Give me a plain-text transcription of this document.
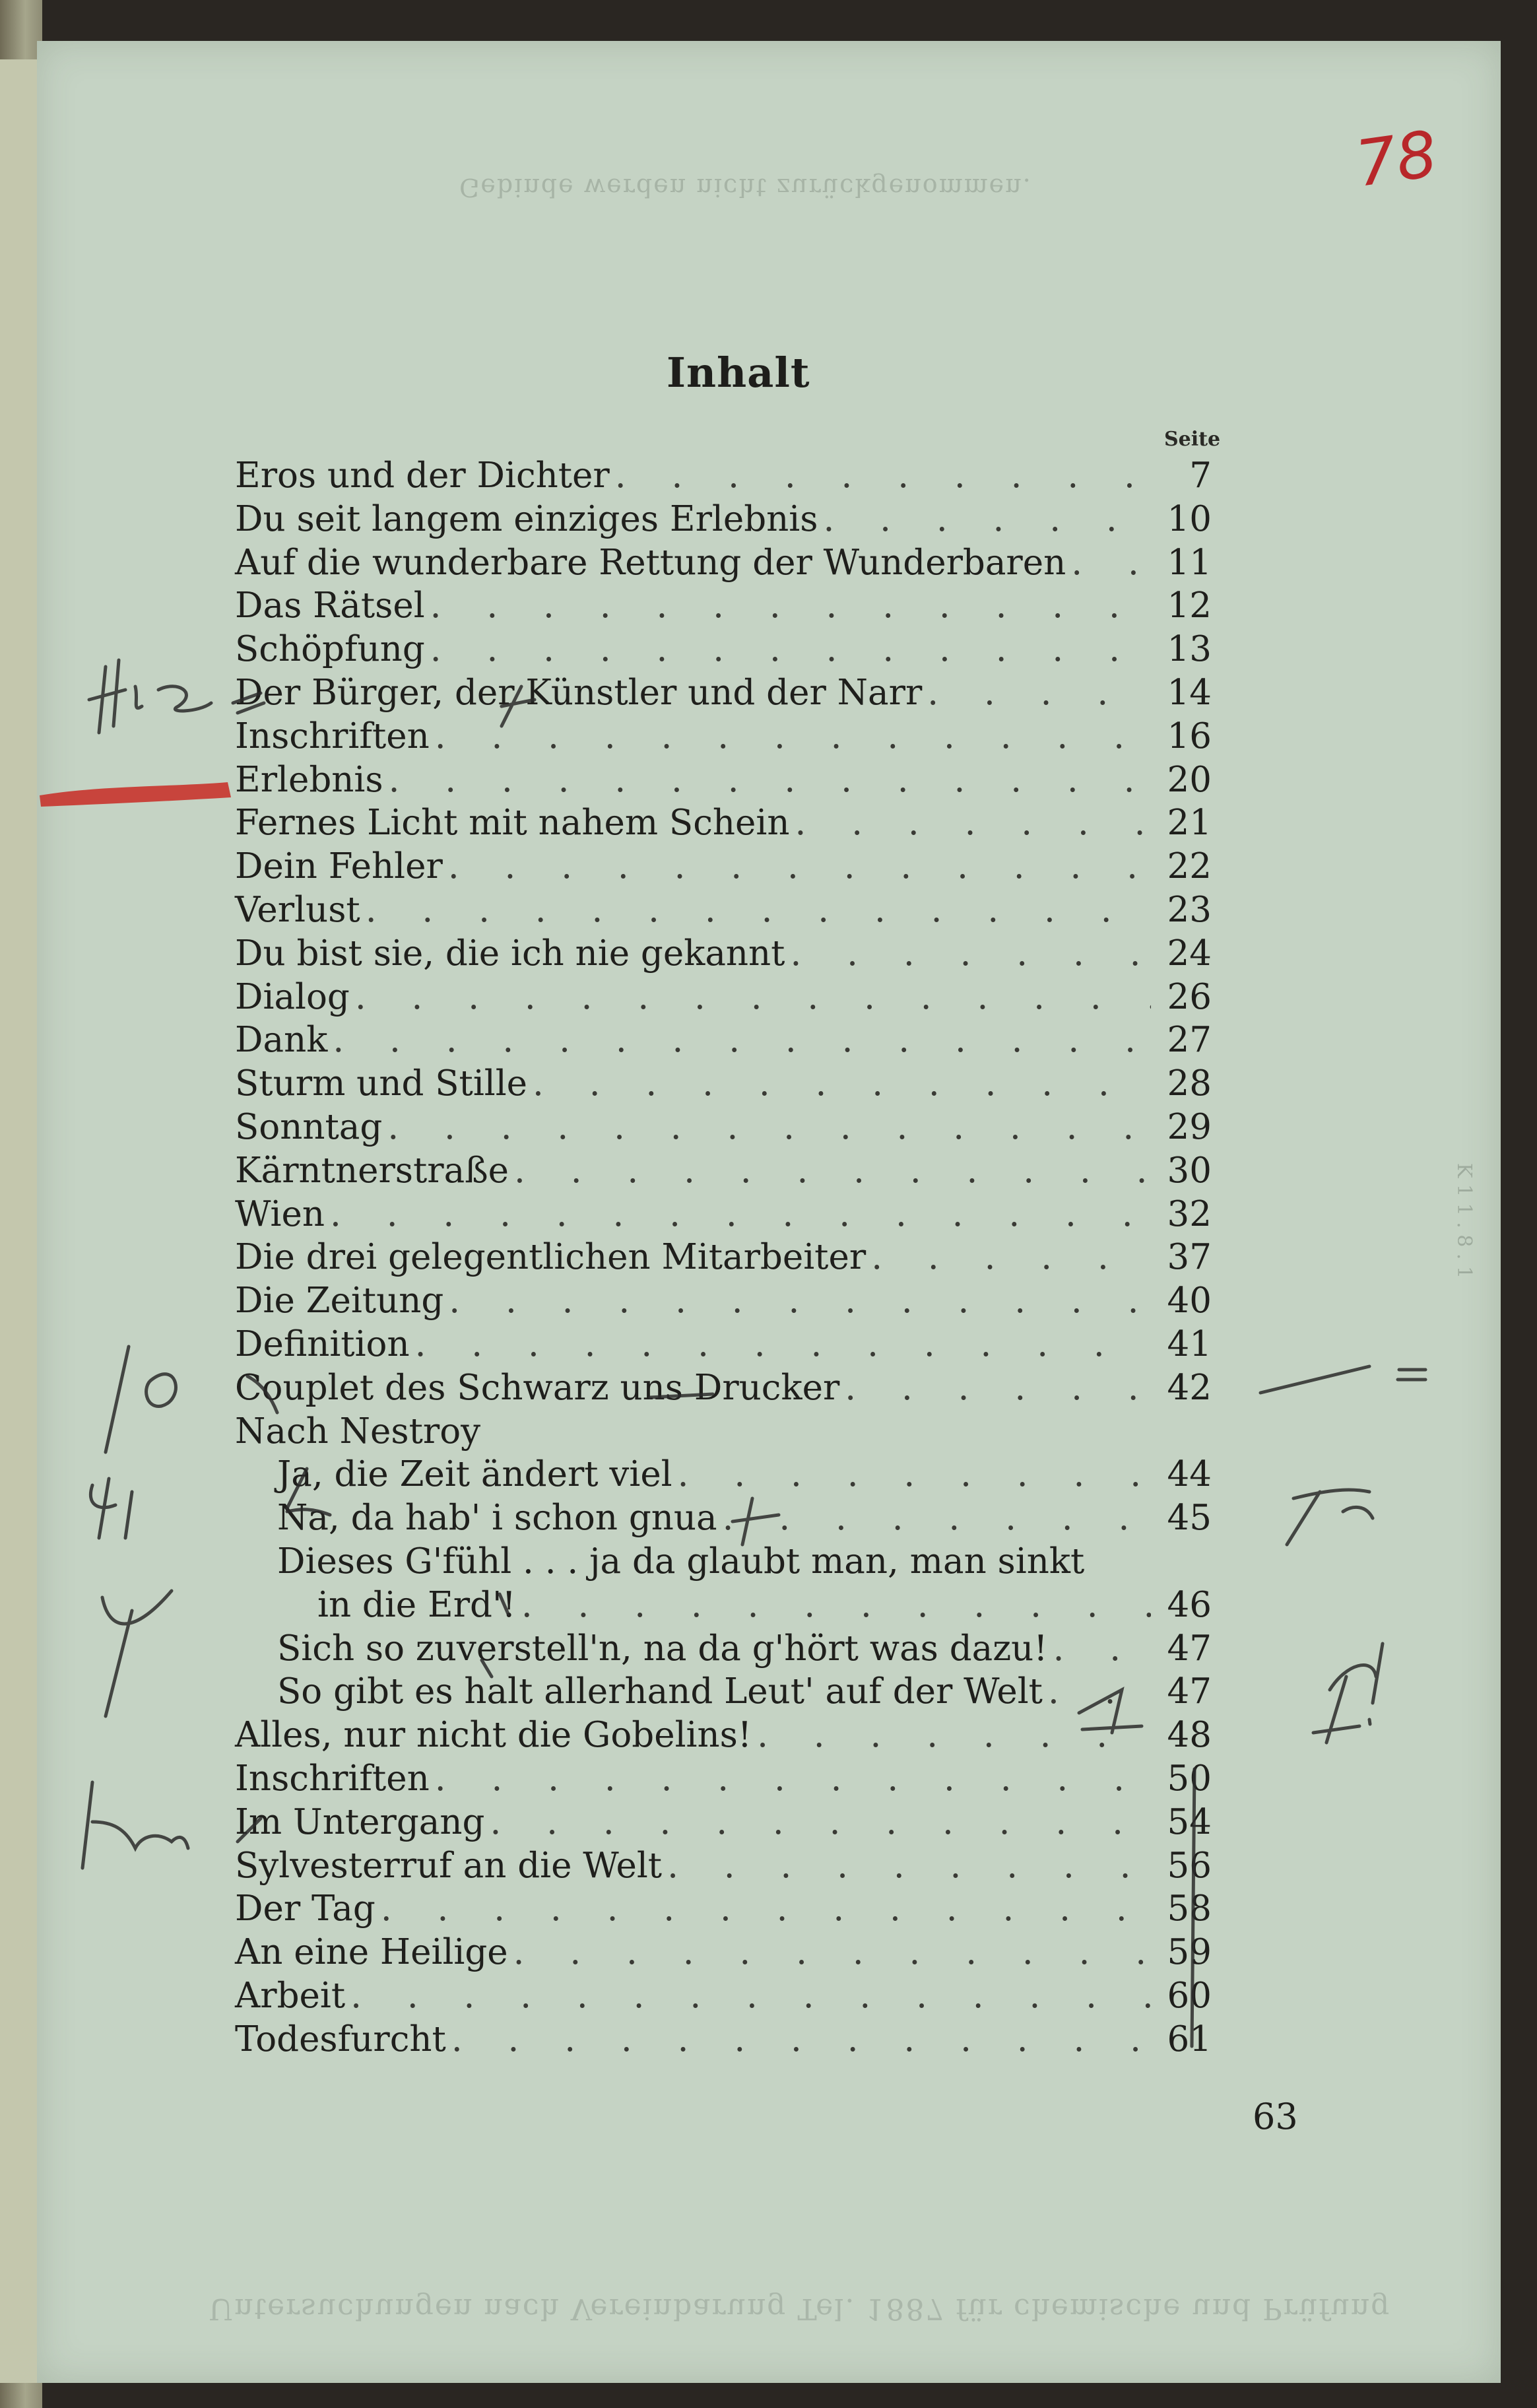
Gebinde werden nicht zurückgenommen.
Untersuchungen nach Vereinbarung Tel. 1887 für chemische und Prüfung
K 1 1 . 8 . 1
78
Inhalt
Seite
Eros und der Dichter . . .	7
Du seit langem einziges Erlebnis . . .	10
Auf die wunderbare Rettung der Wunderbaren . . .	11
Das Rätsel . . .	12
Schöpfung . . .	13
Der Bürger, der Künstler und der Narr . . .	14
Inschriften . . .	16
Erlebnis . . .	20
Fernes Licht mit nahem Schein . . .	21
Dein Fehler . . .	22
Verlust . . .	23
Du bist sie, die ich nie gekannt . . .	24
Dialog . . .	26
Dank . . .	27
Sturm und Stille . . .	28
Sonntag . . .	29
Kärntnerstraße . . .	30
Wien . . .	32
Die drei gelegentlichen Mitarbeiter . . .	37
Die Zeitung . . .	40
Definition . . .	41
Couplet des Schwarz uns Drucker . . .	42
Nach Nestroy
Ja, die Zeit ändert viel . . .	44
Na, da hab' i schon gnua . . .	45
Dieses G'fühl . . . ja da glaubt man, man sinkt
in die Erd'! . . .	46
Sich so zuverstell'n, na da g'hört was dazu! . . .	47
So gibt es halt allerhand Leut' auf der Welt . . .	47
Alles, nur nicht die Gobelins! . . .	48
Inschriften . . .	50
Im Untergang . . .	54
Sylvesterruf an die Welt . . .	56
Der Tag . . .	58
An eine Heilige . . .	59
Arbeit . . .	60
Todesfurcht . . .	61
63
